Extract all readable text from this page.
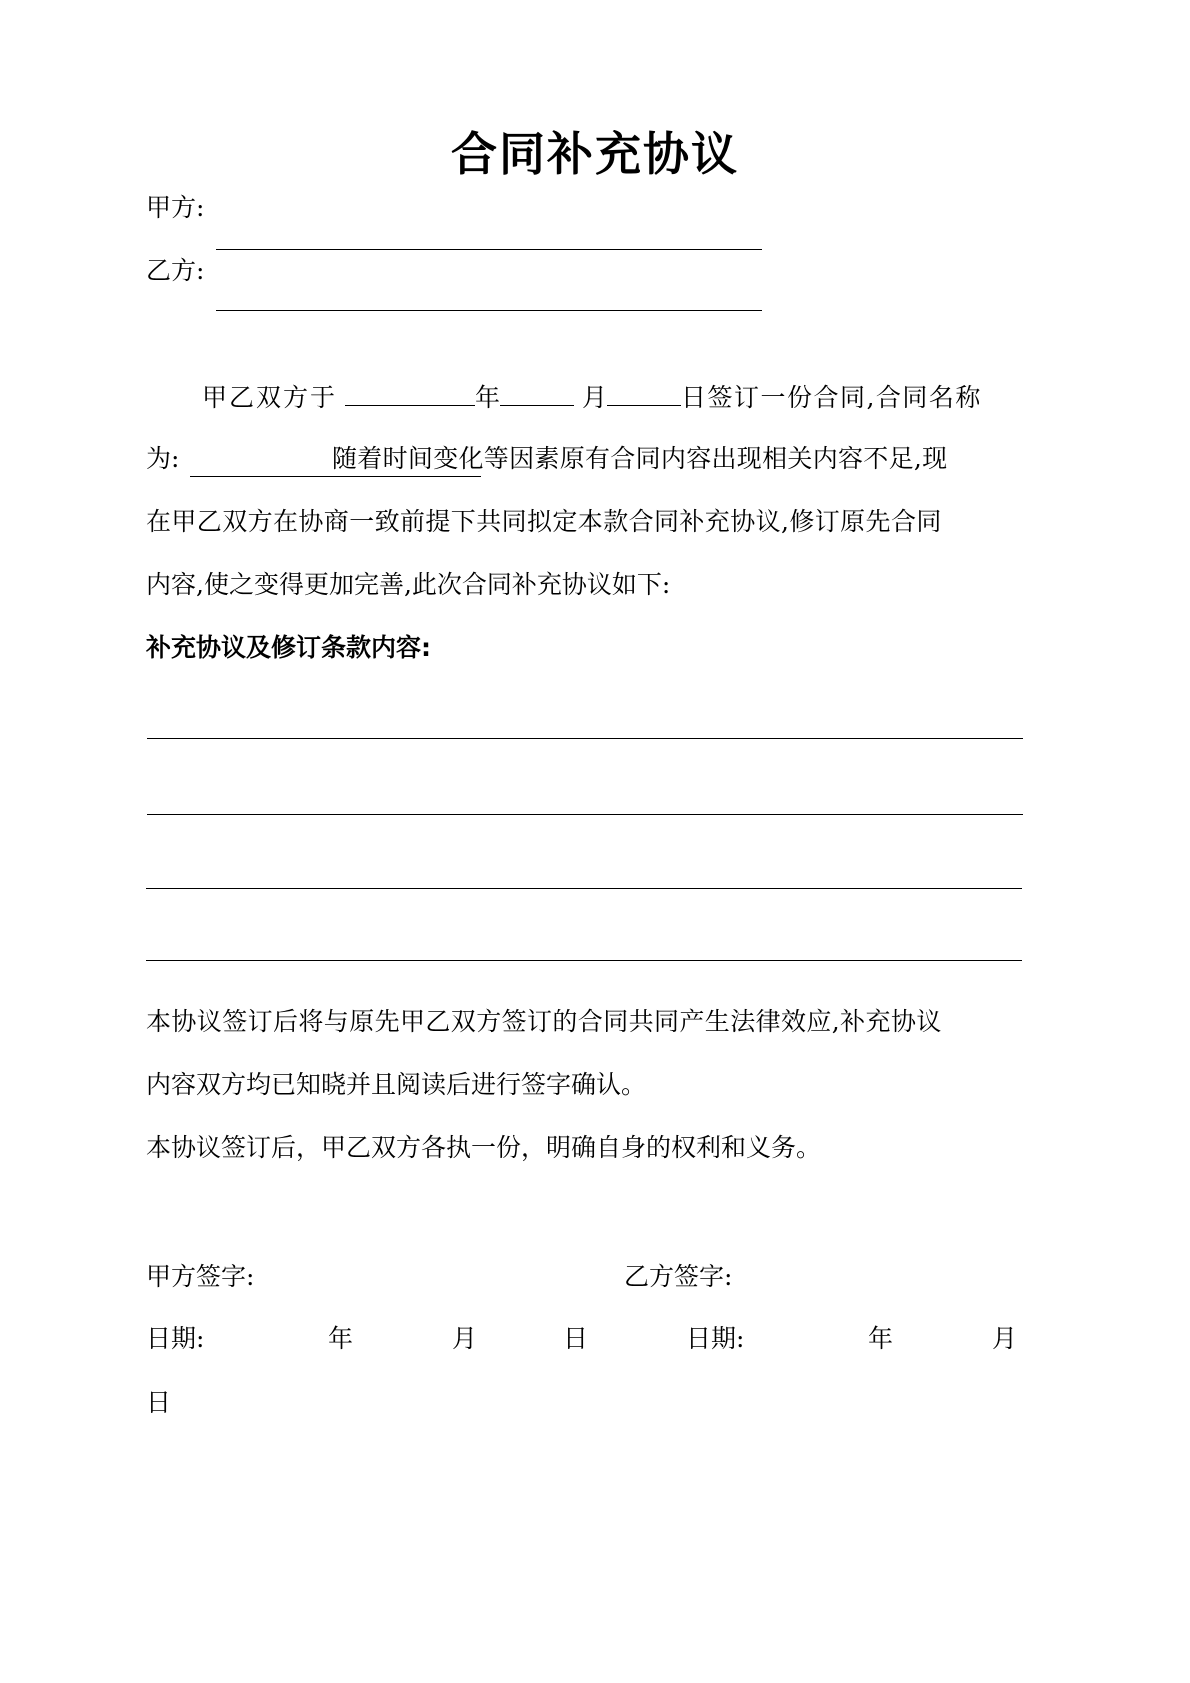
合同补充协议
甲方:
乙方:
甲乙双方于	年	月	日签订一份合同,合同名称
为:	随着时间变化等因素原有合同内容出现相关内容不足,现
在甲乙双方在协商一致前提下共同拟定本款合同补充协议,修订原先合同
内容,使之变得更加完善,此次合同补充协议如下:
补充协议及修订条款内容:
本协议签订后将与原先甲乙双方签订的合同共同产生法律效应,补充协议
内容双方均已知晓并且阅读后进行签字确认。
本协议签订后，甲乙双方各执一份，明确自身的权利和义务。
甲方签字:	乙方签字:
日期:	年	月	日	日期:	年	月
日
